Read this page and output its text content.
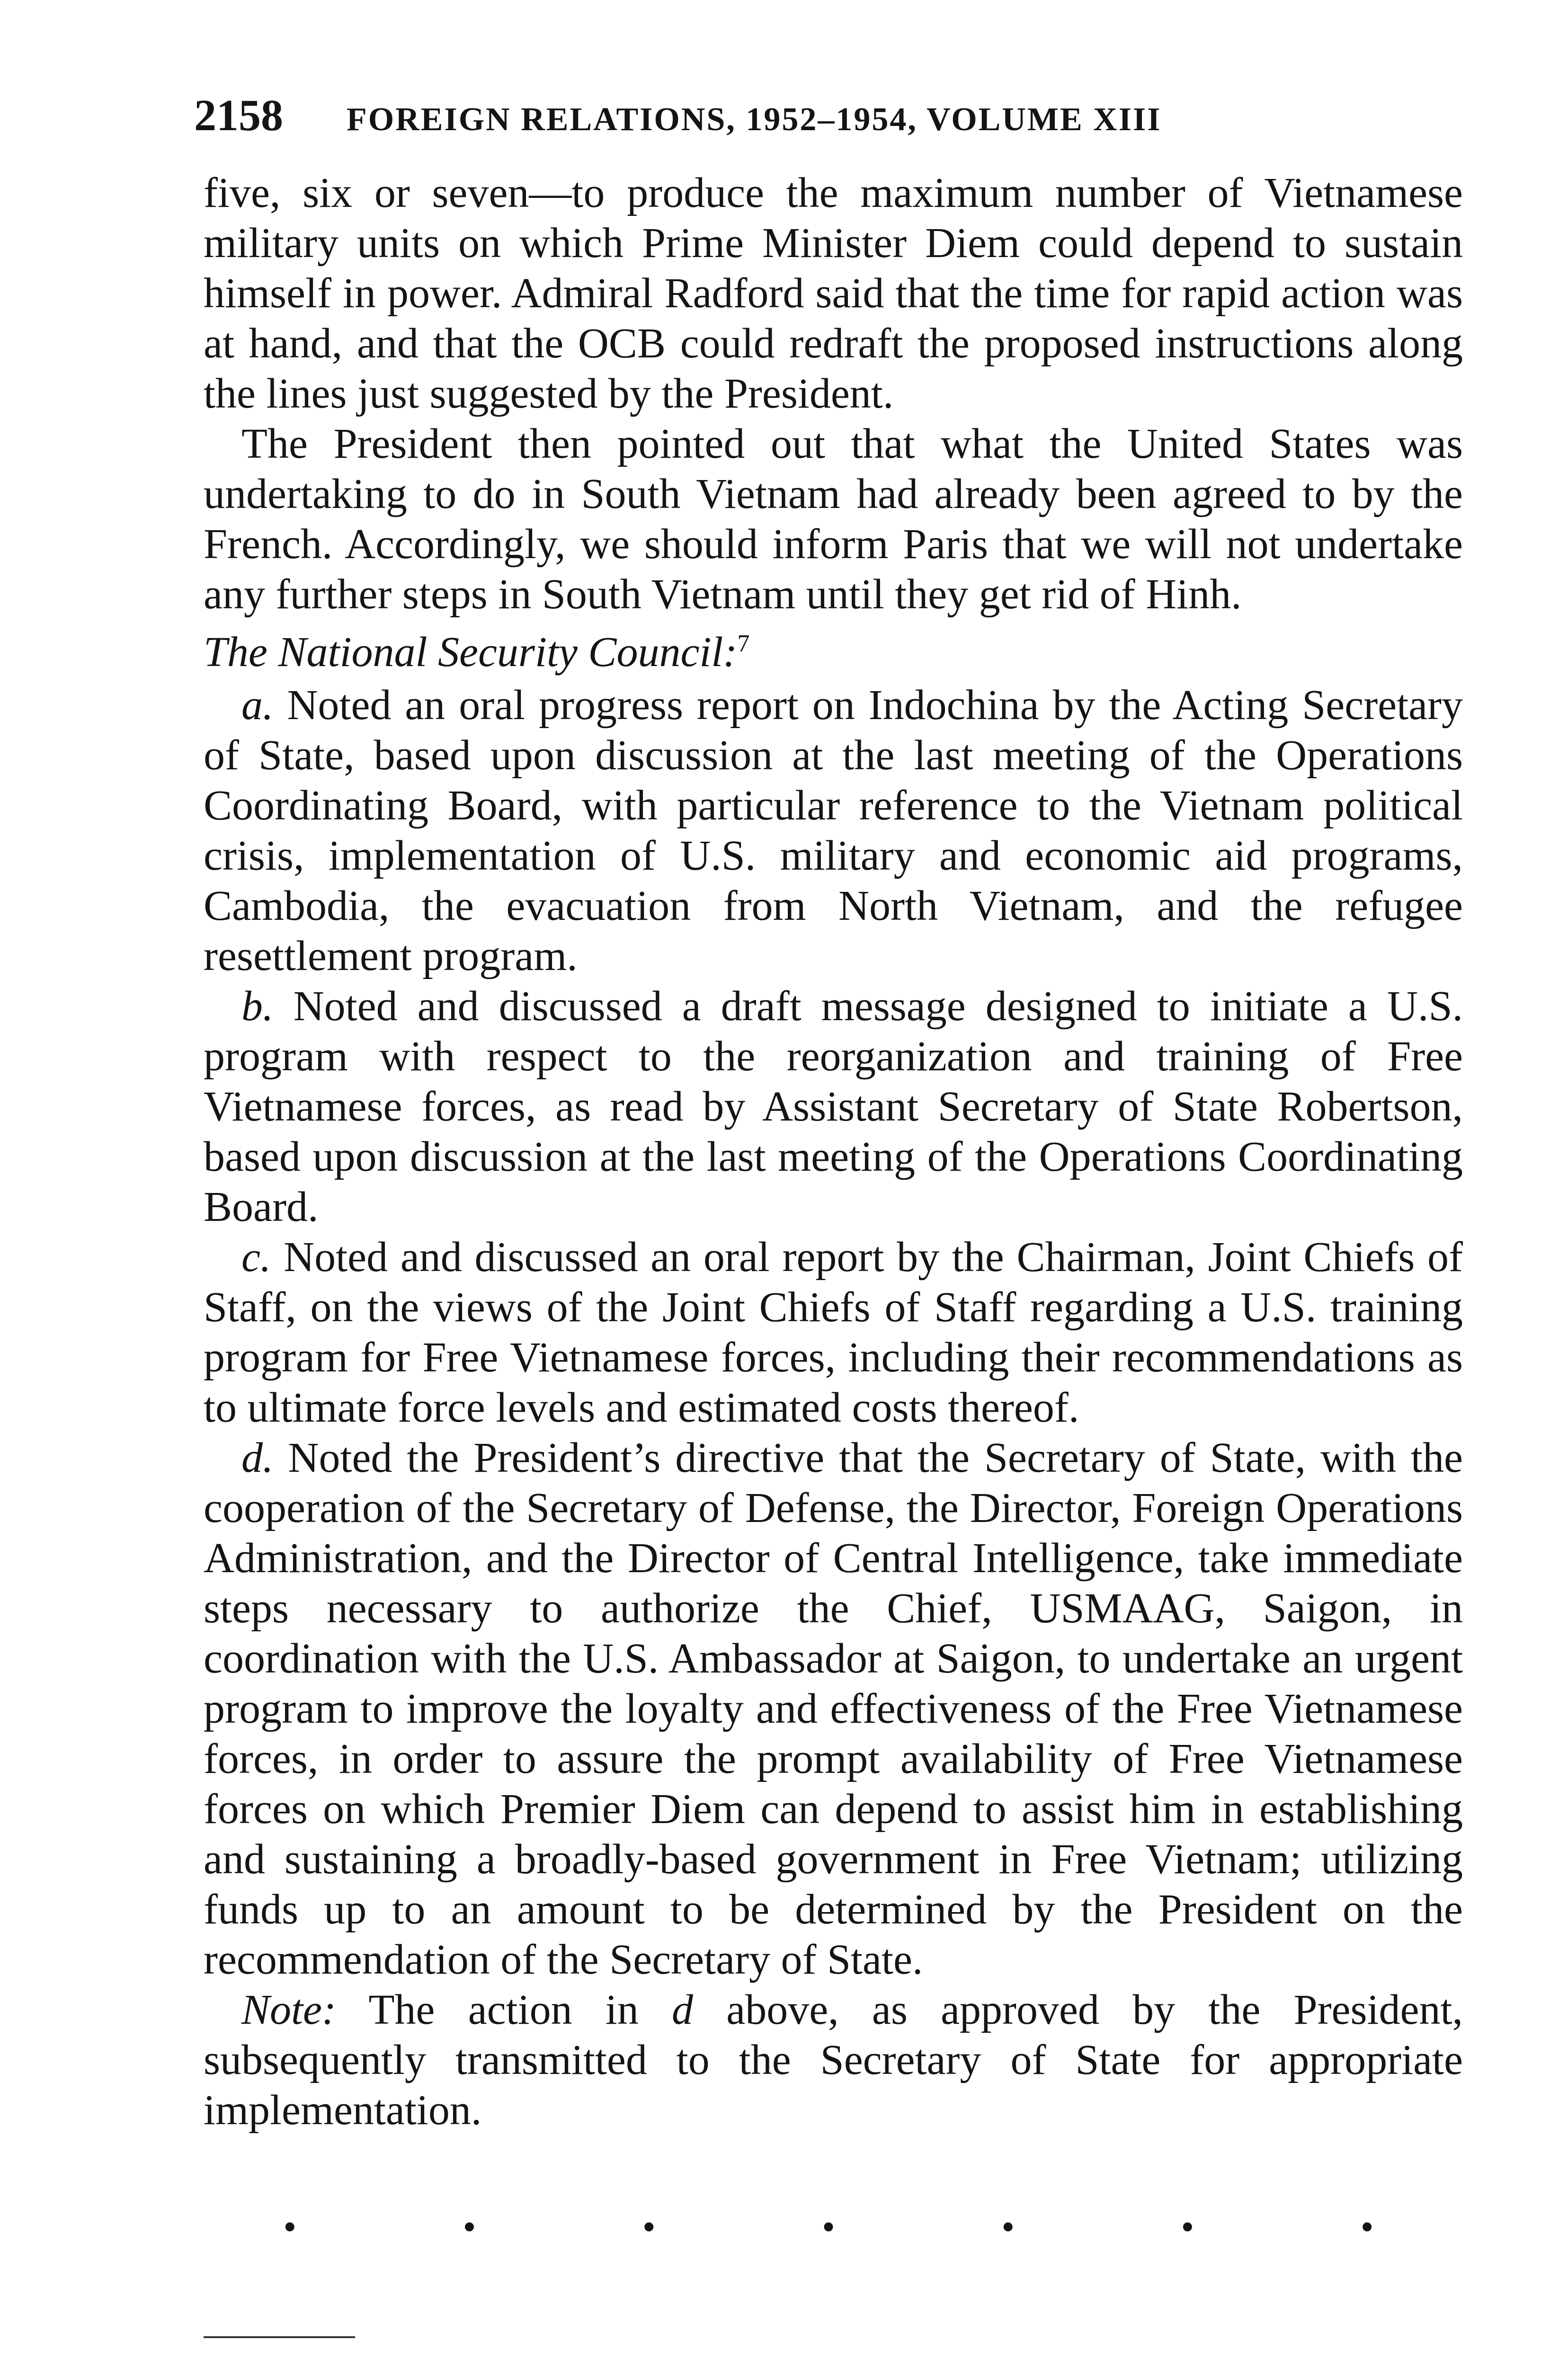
2158 FOREIGN RELATIONS, 1952–1954, VOLUME XIII

five, six or seven—to produce the maximum number of Vietnamese military units on which Prime Minister Diem could depend to sustain himself in power. Admiral Radford said that the time for rapid action was at hand, and that the OCB could redraft the proposed instructions along the lines just suggested by the President.

The President then pointed out that what the United States was undertaking to do in South Vietnam had already been agreed to by the French. Accordingly, we should inform Paris that we will not undertake any further steps in South Vietnam until they get rid of Hinh.

The National Security Council:$^7$

a. Noted an oral progress report on Indochina by the Acting Secretary of State, based upon discussion at the last meeting of the Operations Coordinating Board, with particular reference to the Vietnam political crisis, implementation of U.S. military and economic aid programs, Cambodia, the evacuation from North Vietnam, and the refugee resettlement program.

b. Noted and discussed a draft message designed to initiate a U.S. program with respect to the reorganization and training of Free Vietnamese forces, as read by Assistant Secretary of State Robertson, based upon discussion at the last meeting of the Operations Coordinating Board.

c. Noted and discussed an oral report by the Chairman, Joint Chiefs of Staff, on the views of the Joint Chiefs of Staff regarding a U.S. training program for Free Vietnamese forces, including their recommendations as to ultimate force levels and estimated costs thereof.

d. Noted the President’s directive that the Secretary of State, with the cooperation of the Secretary of Defense, the Director, Foreign Operations Administration, and the Director of Central Intelligence, take immediate steps necessary to authorize the Chief, USMAAG, Saigon, in coordination with the U.S. Ambassador at Saigon, to undertake an urgent program to improve the loyalty and effectiveness of the Free Vietnamese forces, in order to assure the prompt availability of Free Vietnamese forces on which Premier Diem can depend to assist him in establishing and sustaining a broadly-based government in Free Vietnam; utilizing funds up to an amount to be determined by the President on the recommendation of the Secretary of State.

Note: The action in d above, as approved by the President, subsequently transmitted to the Secretary of State for appropriate implementation.

•	•	•	•	•	•	•
